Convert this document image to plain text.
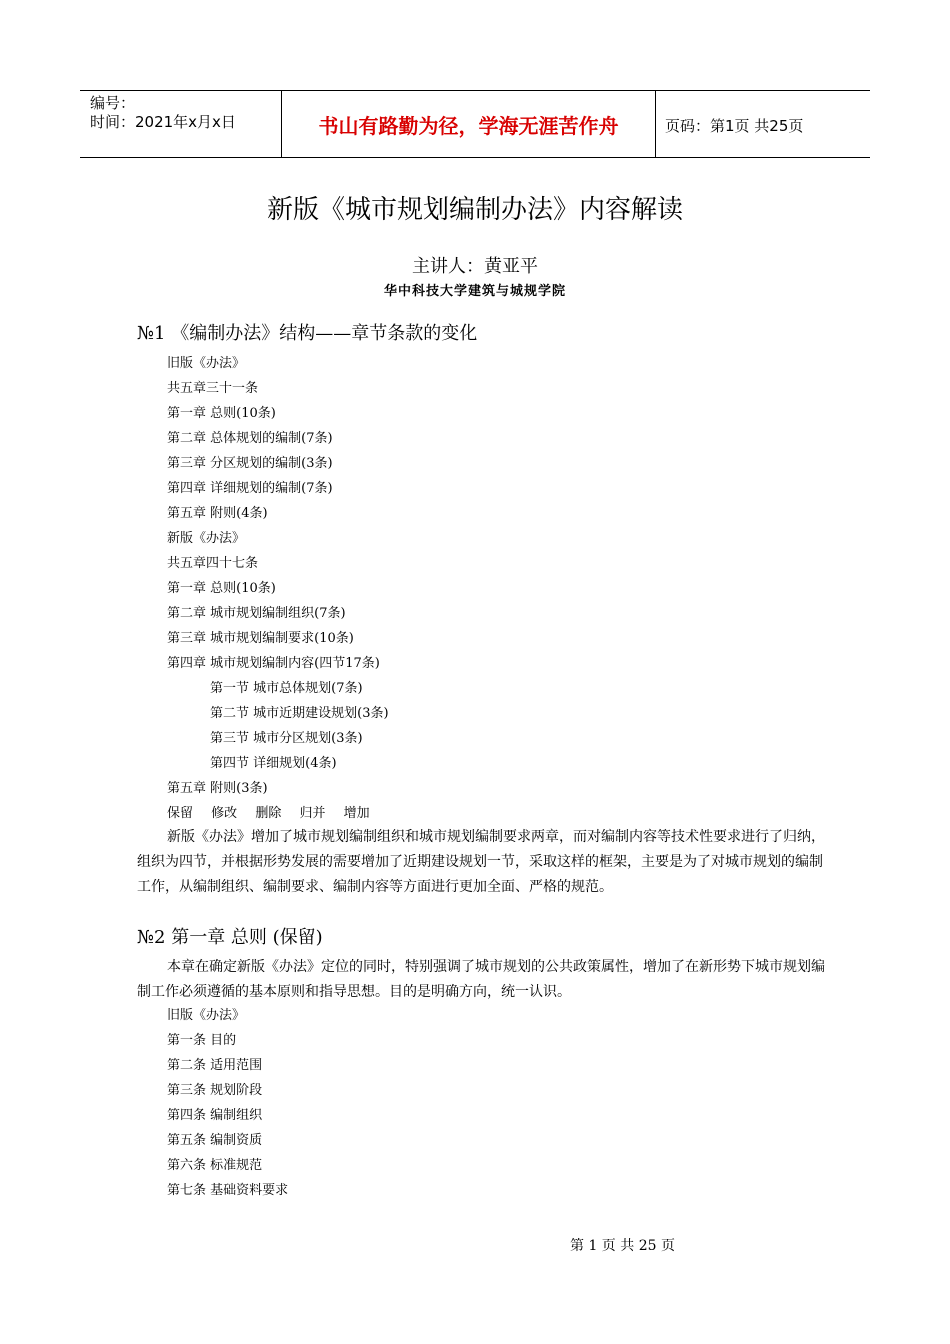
编号：
时间：2021年x月x日	书山有路勤为径，学海无涯苦作舟	页码：第1页 共25页
新版《城市规划编制办法》内容解读
主讲人：黄亚平
华中科技大学建筑与城规学院
№1 《编制办法》结构——章节条款的变化
旧版《办法》
共五章三十一条
第一章 总则(10条)
第二章 总体规划的编制(7条)
第三章 分区规划的编制(3条)
第四章 详细规划的编制(7条)
第五章 附则(4条)
新版《办法》
共五章四十七条
第一章 总则(10条)
第二章 城市规划编制组织(7条)
第三章 城市规划编制要求(10条)
第四章 城市规划编制内容(四节17条)
第一节 城市总体规划(7条)
第二节 城市近期建设规划(3条)
第三节 城市分区规划(3条)
第四节 详细规划(4条)
第五章 附则(3条)
保留 修改 删除 归并 增加
新版《办法》增加了城市规划编制组织和城市规划编制要求两章，而对编制内容等技术性要求进行了归纳，组织为四节，并根据形势发展的需要增加了近期建设规划一节，采取这样的框架，主要是为了对城市规划的编制工作，从编制组织、编制要求、编制内容等方面进行更加全面、严格的规范。
№2 第一章 总则 (保留)
本章在确定新版《办法》定位的同时，特别强调了城市规划的公共政策属性，增加了在新形势下城市规划编制工作必须遵循的基本原则和指导思想。目的是明确方向，统一认识。
旧版《办法》
第一条 目的
第二条 适用范围
第三条 规划阶段
第四条 编制组织
第五条 编制资质
第六条 标准规范
第七条 基础资料要求
第 1 页 共 25 页
